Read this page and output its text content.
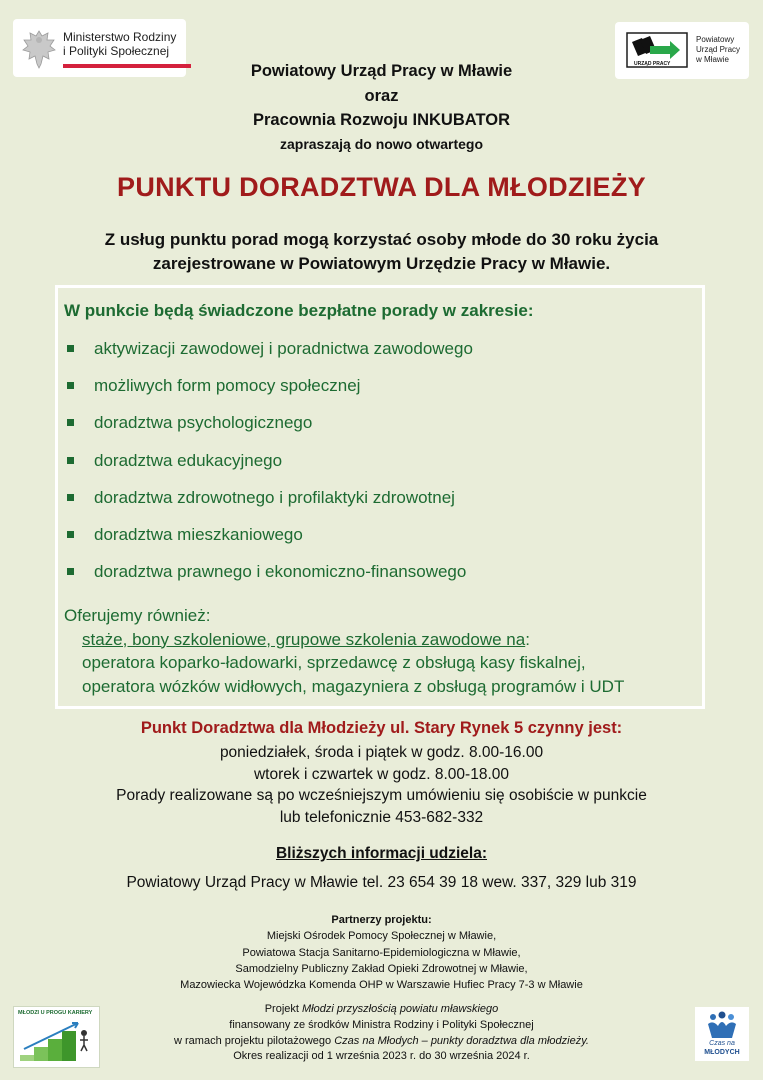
Ministerstwo Rodziny
i Polityki Społecznej
URZĄD PRACY
Powiatowy
Urząd Pracy
w Mławie
Powiatowy Urząd Pracy w Mławie
oraz
Pracownia Rozwoju INKUBATOR
zapraszają do nowo otwartego
PUNKTU DORADZTWA DLA MŁODZIEŻY
Z usług punktu porad mogą korzystać osoby młode do 30 roku życia
zarejestrowane w Powiatowym Urzędzie Pracy w Mławie.
W punkcie będą świadczone bezpłatne porady w zakresie:
aktywizacji zawodowej i poradnictwa zawodowego
możliwych form pomocy społecznej
doradztwa psychologicznego
doradztwa edukacyjnego
doradztwa zdrowotnego i profilaktyki zdrowotnej
doradztwa mieszkaniowego
doradztwa prawnego i ekonomiczno-finansowego
Oferujemy również:
staże, bony szkoleniowe, grupowe szkolenia zawodowe na:
operatora koparko-ładowarki, sprzedawcę z obsługą kasy fiskalnej,
operatora wózków widłowych, magazyniera z obsługą programów i UDT
Punkt Doradztwa dla Młodzieży ul. Stary Rynek 5 czynny jest:
poniedziałek, środa i piątek w godz. 8.00-16.00
wtorek i czwartek w godz. 8.00-18.00
Porady realizowane są po wcześniejszym umówieniu się osobiście w punkcie
lub telefonicznie 453-682-332
Bliższych informacji udziela:
Powiatowy Urząd Pracy w Mławie tel. 23 654 39 18 wew. 337, 329 lub 319
Partnerzy projektu:
Miejski Ośrodek Pomocy Społecznej w Mławie,
Powiatowa Stacja Sanitarno-Epidemiologiczna w Mławie,
Samodzielny Publiczny Zakład Opieki Zdrowotnej w Mławie,
Mazowiecka Wojewódzka Komenda OHP w Warszawie Hufiec Pracy 7-3 w Mławie
Projekt Młodzi przyszłością powiatu mławskiego
finansowany ze środków Ministra Rodziny i Polityki Społecznej
w ramach projektu pilotażowego Czas na Młodych – punkty doradztwa dla młodzieży.
Okres realizacji od 1 września 2023 r. do 30 września 2024 r.
MŁODZI U PROGU KARIERY
Czas na
MŁODYCH
